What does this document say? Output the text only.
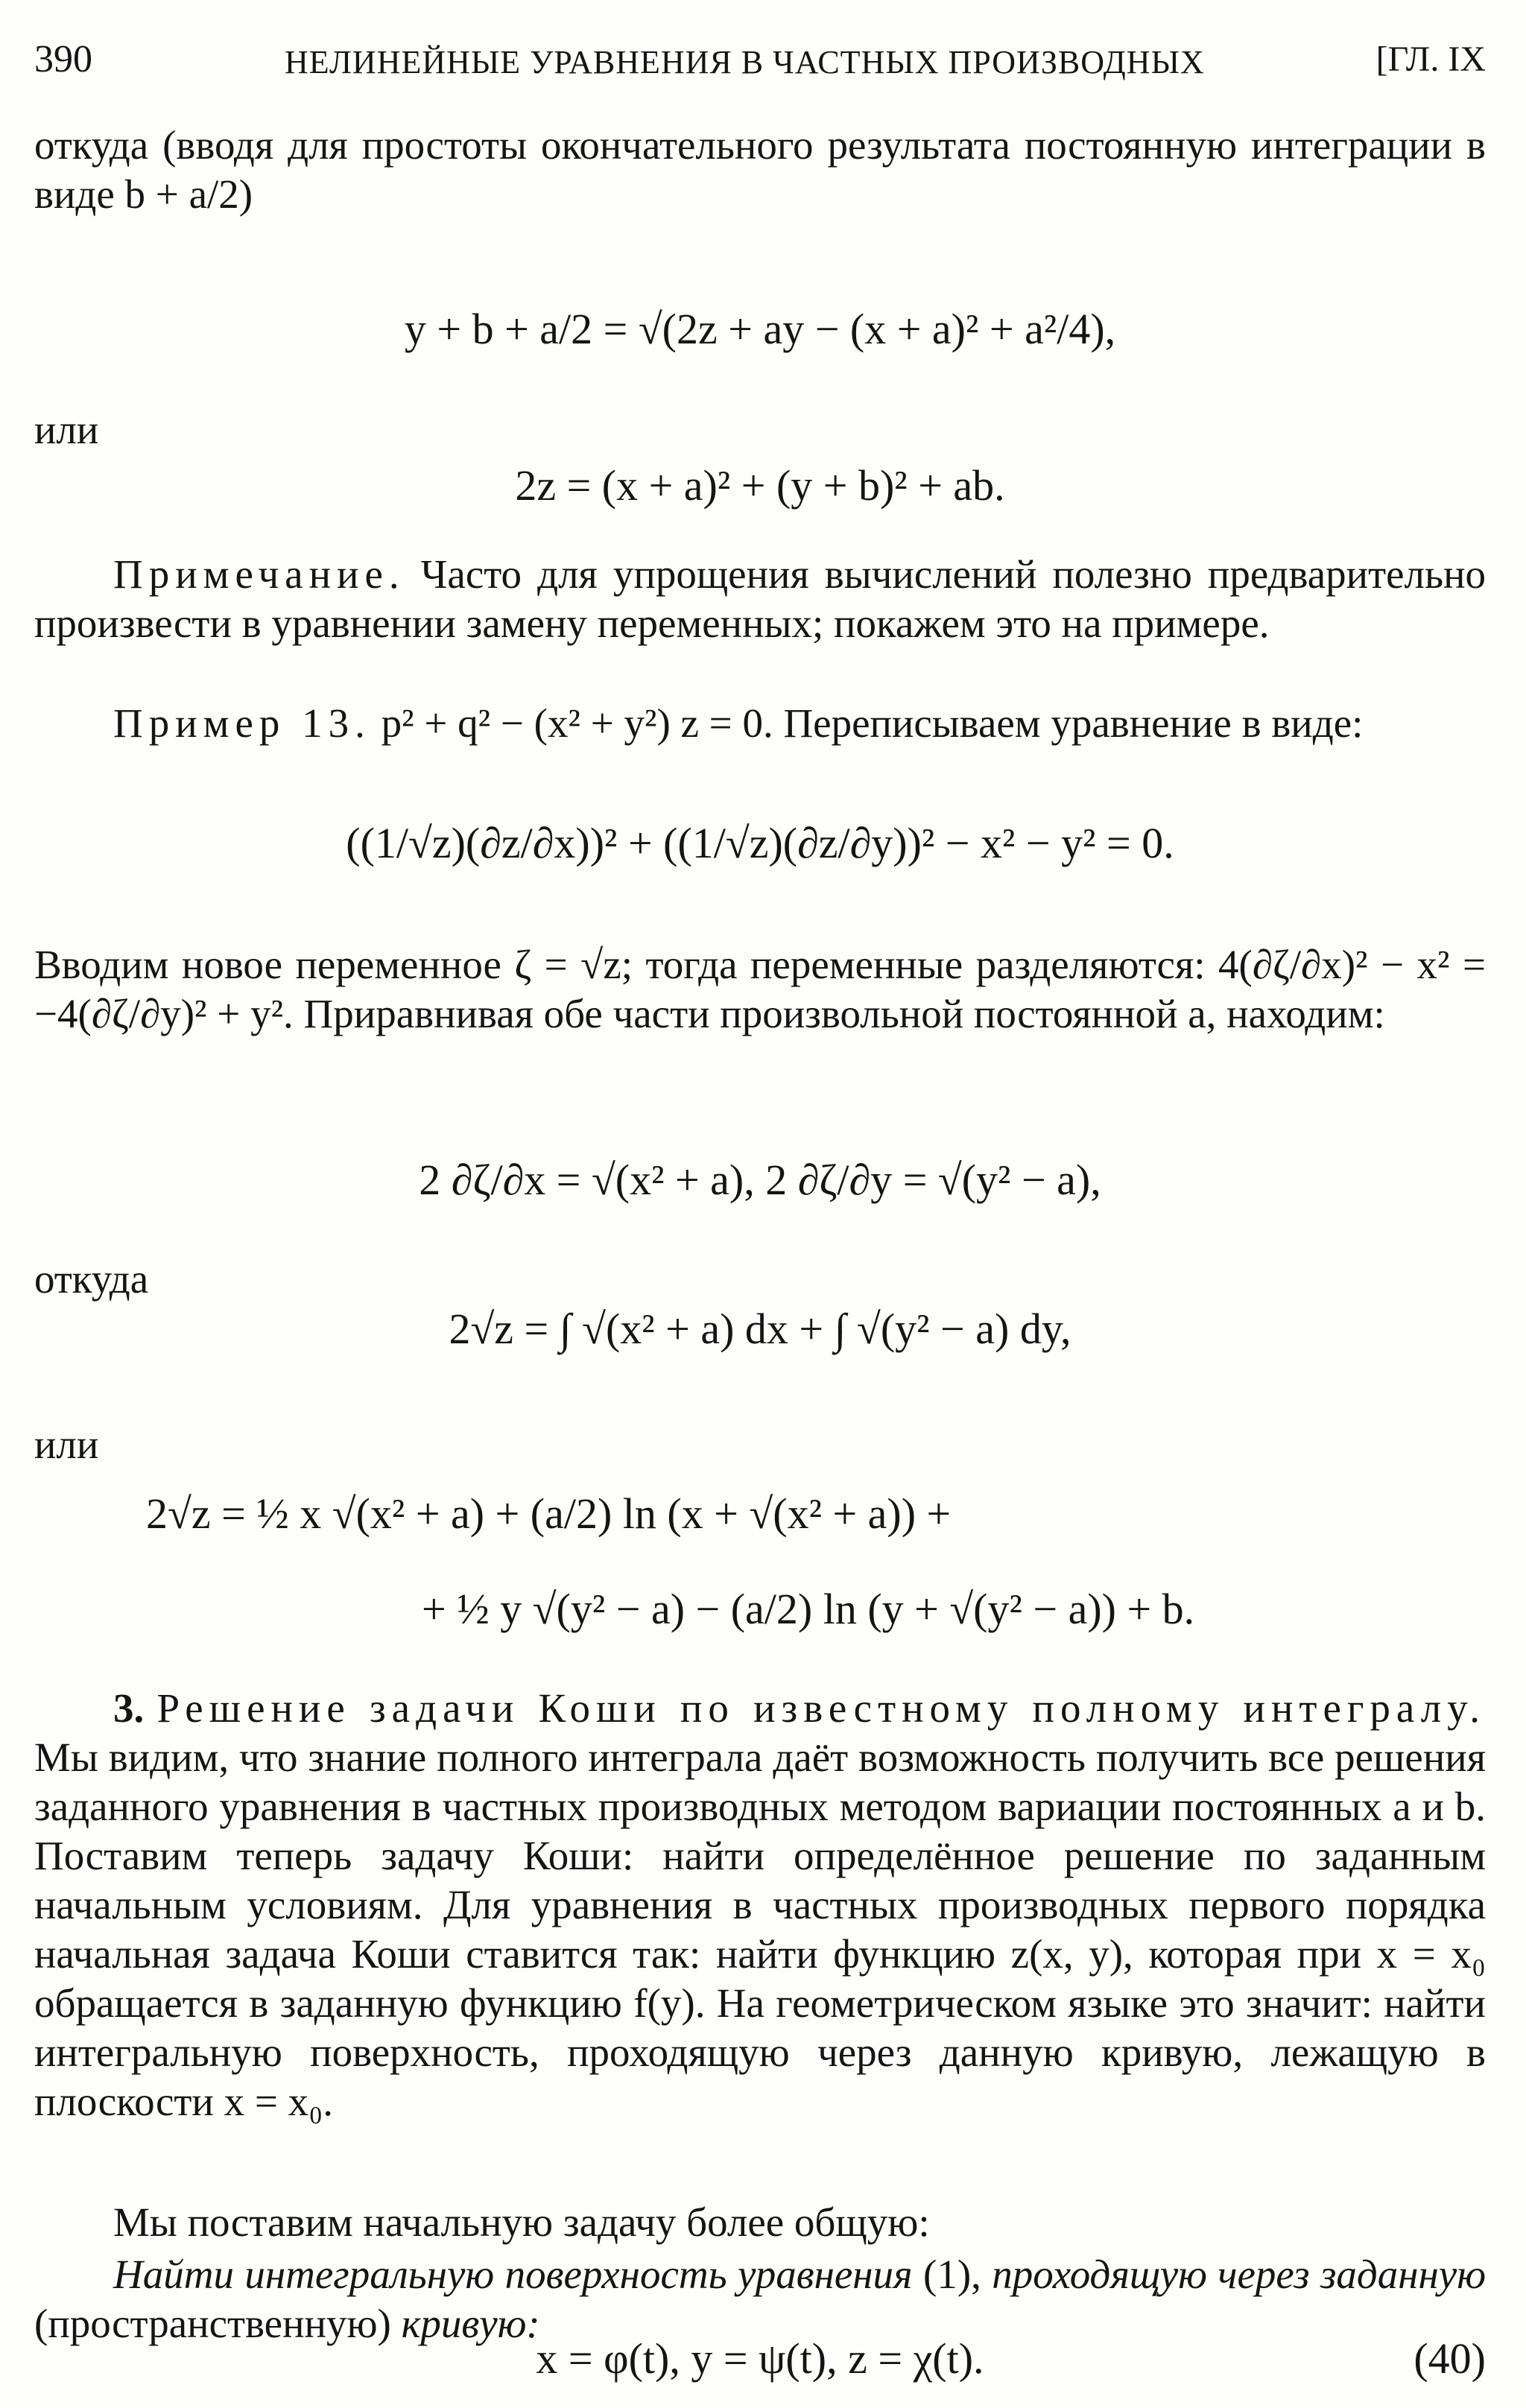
390	НЕЛИНЕЙНЫЕ УРАВНЕНИЯ В ЧАСТНЫХ ПРОИЗВОДНЫХ	[ГЛ. IX

откуда (вводя для простоты окончательного результата постоянную интеграции в виде b + a/2)

y + b + a/2 = √(2z + ay − (x + a)² + a²/4),
или
2z = (x + a)² + (y + b)² + ab.

Примечание. Часто для упрощения вычислений полезно предварительно произвести в уравнении замену переменных; покажем это на примере.

Пример 13. p² + q² − (x² + y²) z = 0. Переписываем уравнение в виде:

((1/√z)(∂z/∂x))² + ((1/√z)(∂z/∂y))² − x² − y² = 0.

Вводим новое переменное ζ = √z; тогда переменные разделяются: 4(∂ζ/∂x)² − x² = −4(∂ζ/∂y)² + y². Приравнивая обе части произвольной постоянной a, находим:

2 ∂ζ/∂x = √(x² + a), 2 ∂ζ/∂y = √(y² − a),
откуда
2√z = ∫ √(x² + a) dx + ∫ √(y² − a) dy,
или
2√z = ½ x √(x² + a) + (a/2) ln (x + √(x² + a)) +
+ ½ y √(y² − a) − (a/2) ln (y + √(y² − a)) + b.

3. Решение задачи Коши по известному полному интегралу. Мы видим, что знание полного интеграла даёт возможность получить все решения заданного уравнения в частных производных методом вариации постоянных a и b. Поставим теперь задачу Коши: найти определённое решение по заданным начальным условиям. Для уравнения в частных производных первого порядка начальная задача Коши ставится так: найти функцию z(x, y), которая при x = x₀ обращается в заданную функцию f(y). На геометрическом языке это значит: найти интегральную поверхность, проходящую через данную кривую, лежащую в плоскости x = x₀.

Мы поставим начальную задачу более общую:

Найти интегральную поверхность уравнения (1), проходящую через заданную (пространственную) кривую:

x = φ(t), y = ψ(t), z = χ(t).	(40)
